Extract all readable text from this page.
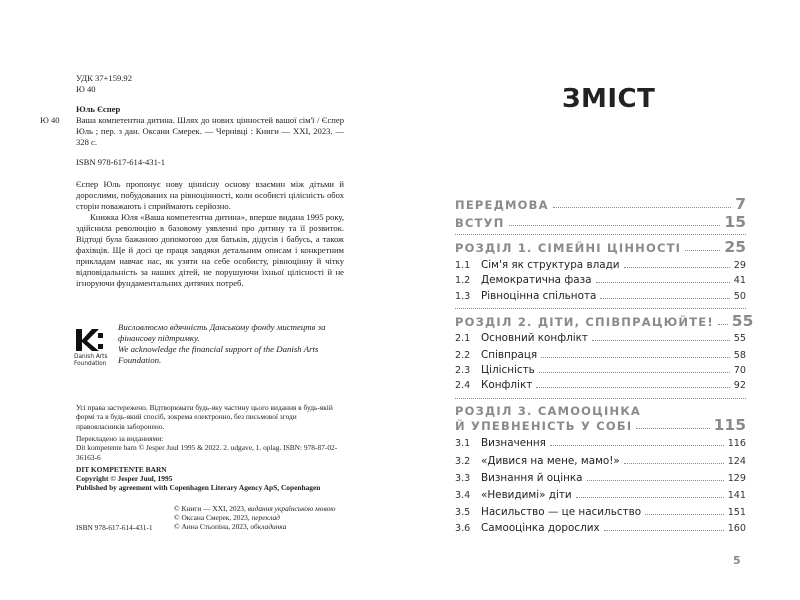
УДК 37+159.92
Ю 40
Юль Єспер
Ю 40 Ваша компетентна дитина. Шлях до нових цінностей вашої сім'ї / Єспер Юль ; пер. з дан. Оксани Смерек. — Чернівці : Книги — XXI, 2023. — 328 с.
ISBN 978-617-614-431-1

Єспер Юль пропонує нову ціннісну основу взаємин між дітьми й дорослими, побудованих на рівноцінності, коли особисті цілісність обох сторін поважають і сприймають серйозно.

Книжка Юля «Ваша компетентна дитина», вперше видана 1995 року, здійснила революцію в базовому уявленні про дитину та її розвиток. Відтоді була бажаною допомогою для батьків, дідусів і бабусь, а також фахівців. Ще й досі це праця завдяки детальним описам і конкретним прикладам навчає нас, як узяти на себе особисту, рівноцінну й чітку відповідальність за наших дітей, не порушуючи їхньої цілісності й не ігноруючи фундаментальних дитячих потреб.

Danish Arts
Foundation
Висловлюємо вдячність Данському фонду мистецтв за фінансову підтримку.
We acknowledge the financial support of the Danish Arts Foundation.
Усі права застережено. Відтворювати будь-яку частину цього видання в будь-якій формі та в будь-який спосіб, зокрема електронно, без письмової згоди правовласників заборонено.
Перекладено за виданнями:
Dit kompetente barn © Jesper Juul 1995 & 2022. 2. udgave, 1. oplag. ISBN: 978-87-02-36163-6
DIT KOMPETENTE BARN
Copyright © Jesper Juul, 1995
Published by agreement with Copenhagen Literary Agency ApS, Copenhagen
© Книги — XXI, 2023, видання українською мовою
© Оксана Смерек, 2023, переклад
© Анна Стьопіна, 2023, обкладинка
ISBN 978-617-614-431-1
ЗМІСТ
ПЕРЕДМОВА	7
ВСТУП	15
РОЗДІЛ 1. СІМЕЙНІ ЦІННОСТІ	25
1.1 Сім'я як структура влади	29
1.2 Демократична фаза	41
1.3 Рівноцінна спільнота	50
РОЗДІЛ 2. ДІТИ, СПІВПРАЦЮЙТЕ! 55
2.1 Основний конфлікт	55
2.2 Співпраця	58
2.3 Цілісність	70
2.4 Конфлікт	92
РОЗДІЛ 3. САМООЦІНКА
Й УПЕВНЕНІСТЬ У СОБІ	115
3.1 Визначення	116
3.2 «Дивися на мене, мамо!»	124
3.3 Визнання й оцінка	129
3.4 «Невидимі» діти	141
3.5 Насильство — це насильство	151
3.6 Самооцінка дорослих	160
5
